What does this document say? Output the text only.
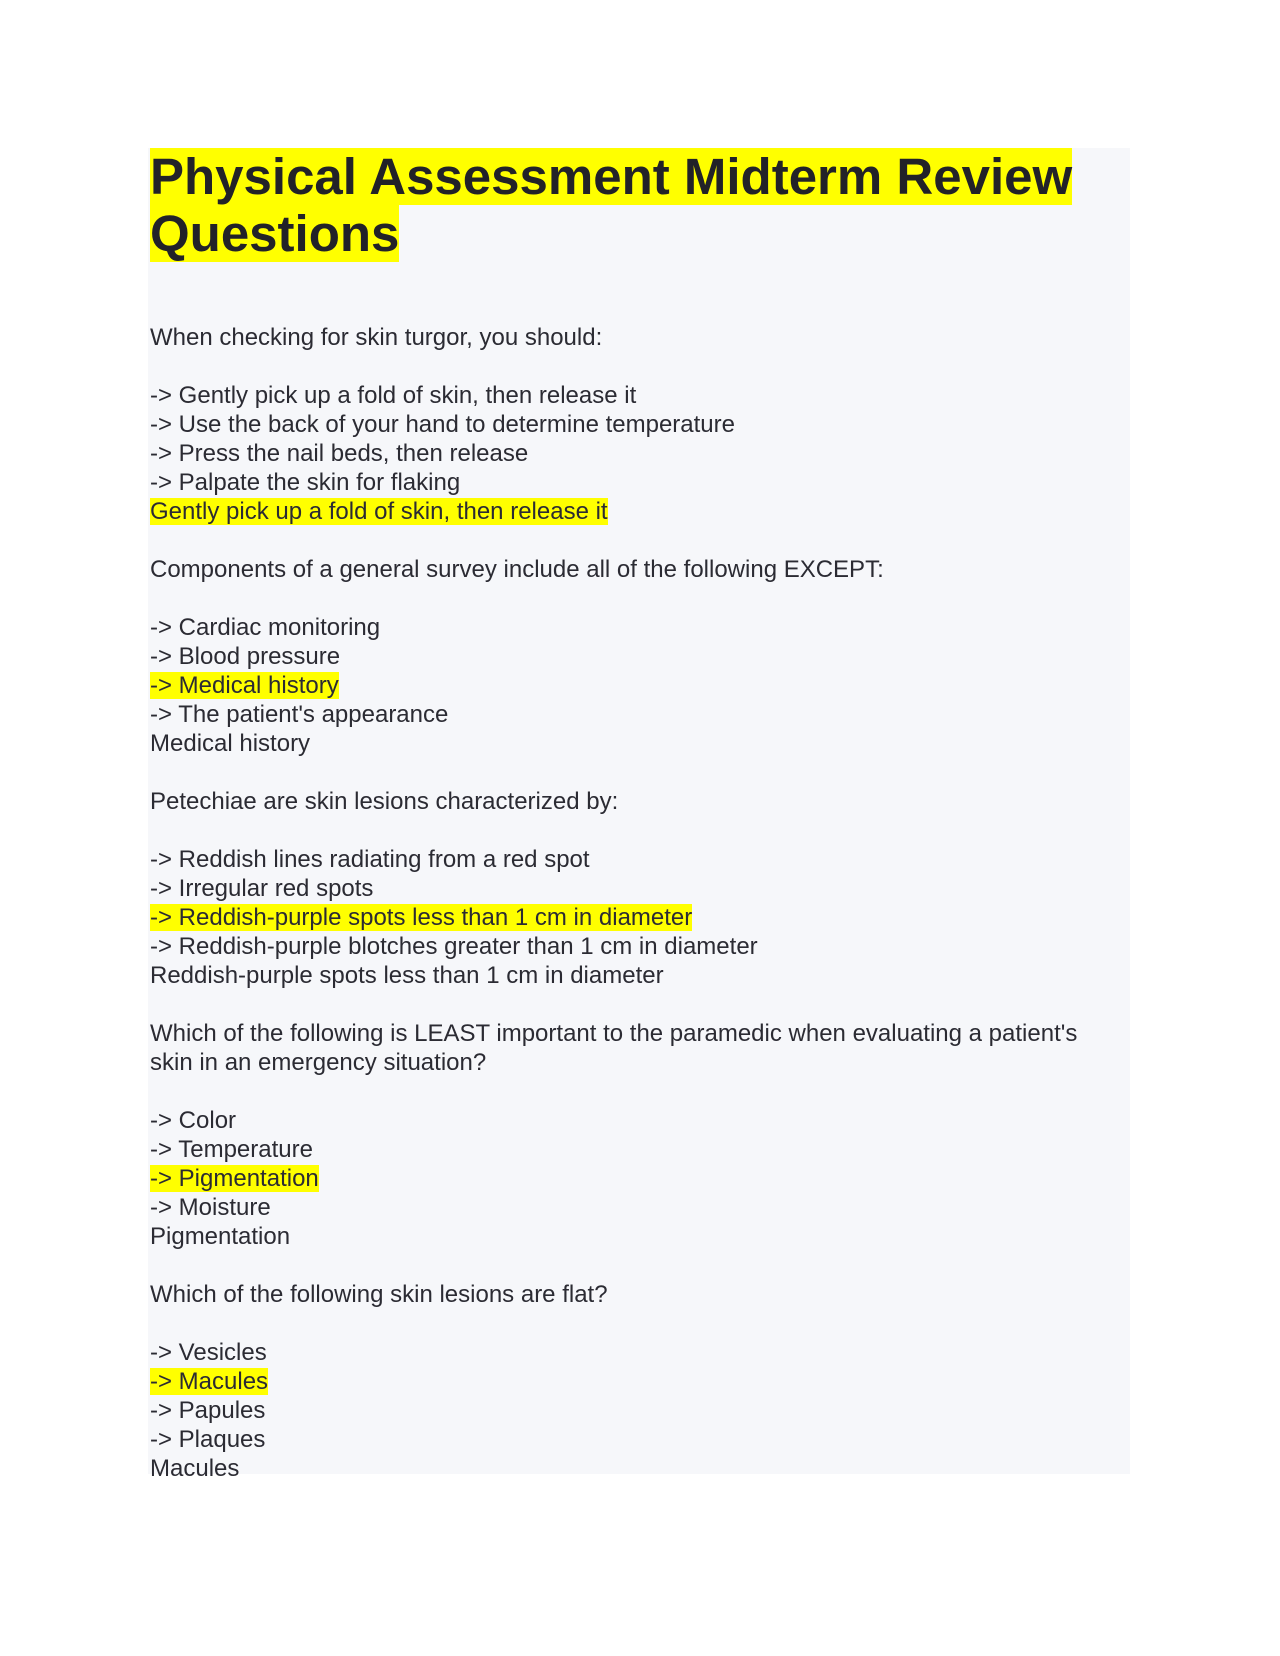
Physical Assessment Midterm Review Questions
When checking for skin turgor, you should:
-> Gently pick up a fold of skin, then release it
-> Use the back of your hand to determine temperature
-> Press the nail beds, then release
-> Palpate the skin for flaking
Gently pick up a fold of skin, then release it
Components of a general survey include all of the following EXCEPT:
-> Cardiac monitoring
-> Blood pressure
-> Medical history
-> The patient's appearance
Medical history
Petechiae are skin lesions characterized by:
-> Reddish lines radiating from a red spot
-> Irregular red spots
-> Reddish-purple spots less than 1 cm in diameter
-> Reddish-purple blotches greater than 1 cm in diameter
Reddish-purple spots less than 1 cm in diameter
Which of the following is LEAST important to the paramedic when evaluating a patient's skin in an emergency situation?
-> Color
-> Temperature
-> Pigmentation
-> Moisture
Pigmentation
Which of the following skin lesions are flat?
-> Vesicles
-> Macules
-> Papules
-> Plaques
Macules
